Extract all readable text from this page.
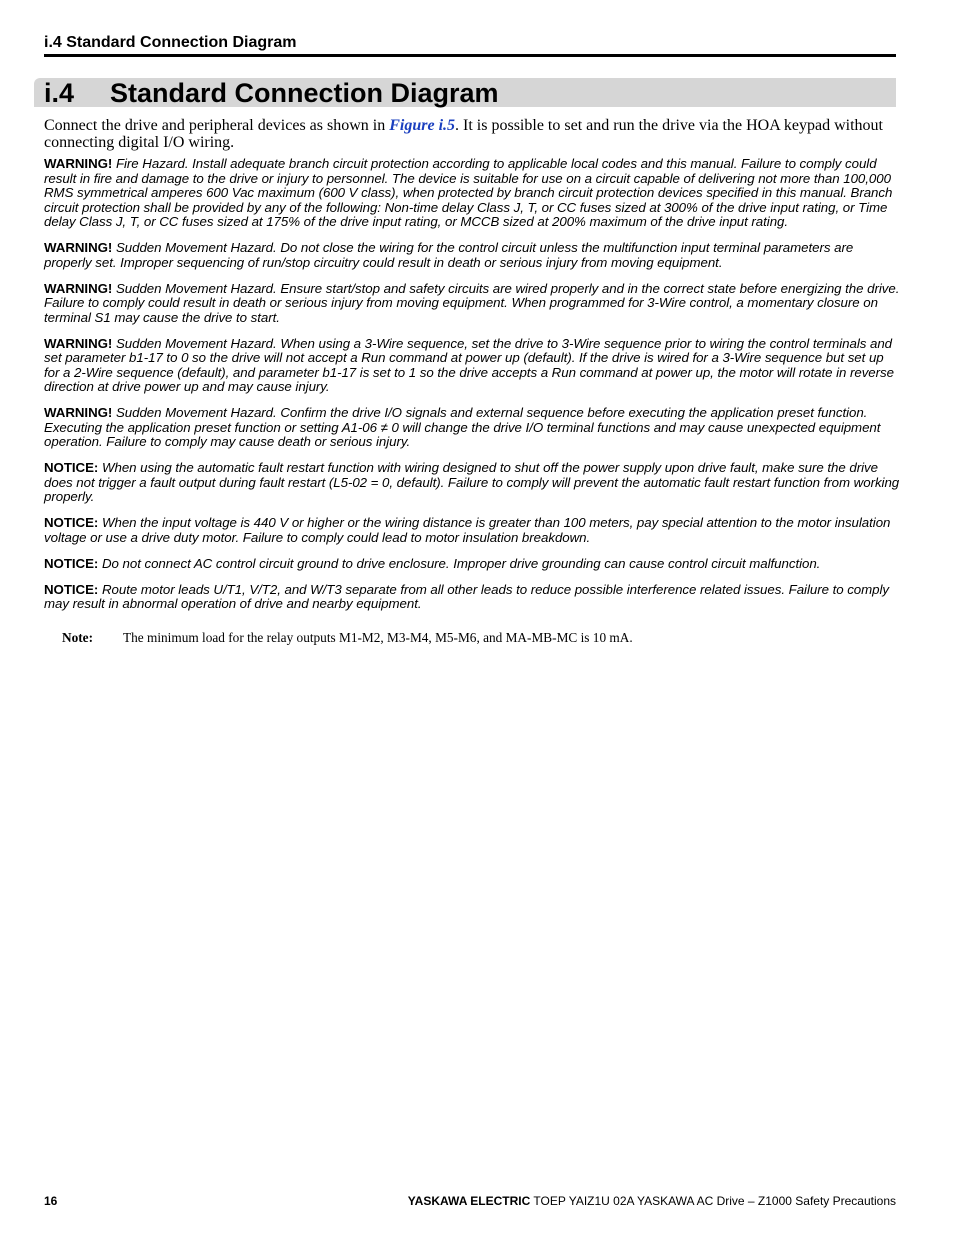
i.4 Standard Connection Diagram
i.4 Standard Connection Diagram

Connect the drive and peripheral devices as shown in Figure i.5. It is possible to set and run the drive via the HOA keypad without connecting digital I/O wiring.

WARNING! Fire Hazard. Install adequate branch circuit protection according to applicable local codes and this manual. Failure to comply could result in fire and damage to the drive or injury to personnel. The device is suitable for use on a circuit capable of delivering not more than 100,000 RMS symmetrical amperes 600 Vac maximum (600 V class), when protected by branch circuit protection devices specified in this manual. Branch circuit protection shall be provided by any of the following: Non-time delay Class J, T, or CC fuses sized at 300% of the drive input rating, or Time delay Class J, T, or CC fuses sized at 175% of the drive input rating, or MCCB sized at 200% maximum of the drive input rating.

WARNING! Sudden Movement Hazard. Do not close the wiring for the control circuit unless the multifunction input terminal parameters are properly set. Improper sequencing of run/stop circuitry could result in death or serious injury from moving equipment.

WARNING! Sudden Movement Hazard. Ensure start/stop and safety circuits are wired properly and in the correct state before energizing the drive. Failure to comply could result in death or serious injury from moving equipment. When programmed for 3-Wire control, a momentary closure on terminal S1 may cause the drive to start.

WARNING! Sudden Movement Hazard. When using a 3-Wire sequence, set the drive to 3-Wire sequence prior to wiring the control terminals and set parameter b1-17 to 0 so the drive will not accept a Run command at power up (default). If the drive is wired for a 3-Wire sequence but set up for a 2-Wire sequence (default), and parameter b1-17 is set to 1 so the drive accepts a Run command at power up, the motor will rotate in reverse direction at drive power up and may cause injury.

WARNING! Sudden Movement Hazard. Confirm the drive I/O signals and external sequence before executing the application preset function. Executing the application preset function or setting A1-06 ≠ 0 will change the drive I/O terminal functions and may cause unexpected equipment operation. Failure to comply may cause death or serious injury.

NOTICE: When using the automatic fault restart function with wiring designed to shut off the power supply upon drive fault, make sure the drive does not trigger a fault output during fault restart (L5-02 = 0, default). Failure to comply will prevent the automatic fault restart function from working properly.

NOTICE: When the input voltage is 440 V or higher or the wiring distance is greater than 100 meters, pay special attention to the motor insulation voltage or use a drive duty motor. Failure to comply could lead to motor insulation breakdown.

NOTICE: Do not connect AC control circuit ground to drive enclosure. Improper drive grounding can cause control circuit malfunction.

NOTICE: Route motor leads U/T1, V/T2, and W/T3 separate from all other leads to reduce possible interference related issues. Failure to comply may result in abnormal operation of drive and nearby equipment.

Note: The minimum load for the relay outputs M1-M2, M3-M4, M5-M6, and MA-MB-MC is 10 mA.
16	YASKAWA ELECTRIC TOEP YAIZ1U 02A YASKAWA AC Drive – Z1000 Safety Precautions
